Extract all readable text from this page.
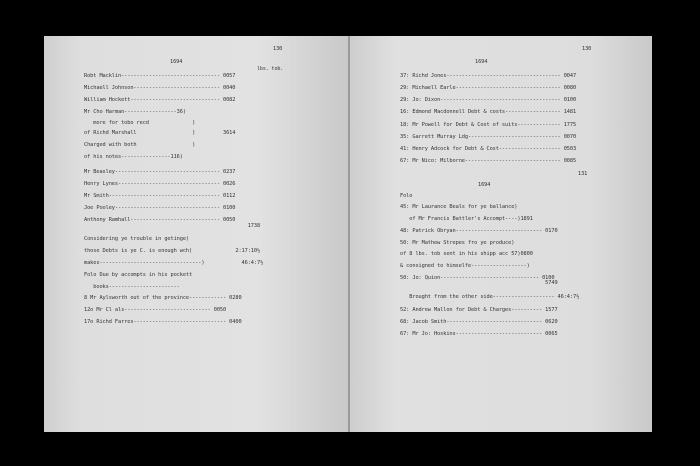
1694
130
lbs. tob.
Robt Macklin-------------------------------- 0057
Michaell Johnson---------------------------- 0040
William Hockett----------------------------- 0082
Mr Cho Harman-----------------36)
more for tobo recd              )
of Richd Marshall                  )         3614
Charged with both                  )
of his notes----------------116)
Mr Beasley---------------------------------- 0237
Henry Lynes--------------------------------- 0026
Mr Smith------------------------------------ 0112
Joe Pooley---------------------------------- 0100
Anthony Ramhall----------------------------- 0050
1738
Considering ye trouble in getinge)
those Debts is ye C. is enough wch)              2:17:10½
makes---------------------------------)            46:4:7½
Folo Due by accompts in his pockett
books-----------------------
8 Mr Aylsworth out of the province------------ 0280
12o Mr Cl als---------------------------- 0050
17o Richd Farres------------------------------ 0400
1694
130
37: Richd Jones------------------------------------- 0047
29: Michaell Earle---------------------------------- 0080
29: Jo: Dixon--------------------------------------- 0100
16: Edmond Macdonnell Debt & costs------------------ 1481
18: Mr Powell for Debt & Cost of suits-------------- 1775
35: Garrett Murray Ldg------------------------------ 0070
41: Henry Adcock for Debt & Cost-------------------- 0503
67: Mr Nico: Milborne------------------------------- 0085
1694
131
Folo
45: Mr Laurance Beals for ye ballance)
of Mr Francis Battler's Accompt----)1891
48: Patrick Obryan---------------------------- 0170
50: Mr Mathew Strepes fro ye produce)
of 8 lbs. tob sent in his shipp acc 57)0800
& consigned to himselfe------------------)
50: Jo: Quion-------------------------------- 0100
5749
Brought from the other side-------------------- 46:4:7½
52: Andrew Mallon for Debt & Charges---------- 1577
68: Jacob Smith------------------------------- 0620
67: Mr Jo: Hoskins---------------------------- 0065
